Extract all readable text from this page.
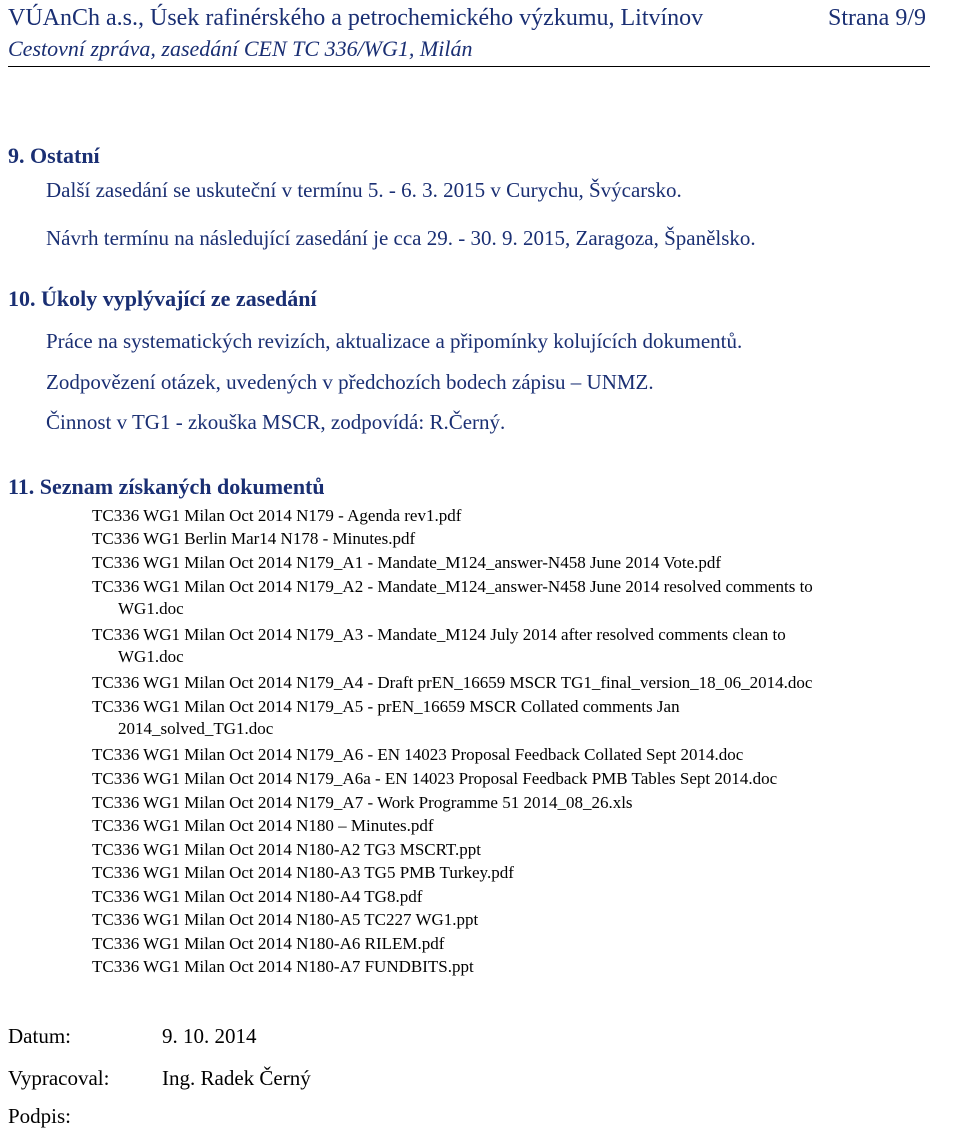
VÚAnCh a.s., Úsek rafinérského a petrochemického výzkumu, Litvínov	Strana 9/9
Cestovní zpráva, zasedání CEN TC 336/WG1, Milán
9. Ostatní
Další zasedání se uskuteční v termínu 5. - 6. 3. 2015 v Curychu, Švýcarsko.
Návrh termínu na následující zasedání je cca 29. - 30. 9. 2015, Zaragoza, Španělsko.
10. Úkoly vyplývající ze zasedání
Práce na systematických revizích, aktualizace a připomínky kolujících dokumentů.
Zodpovězení otázek, uvedených v předchozích bodech zápisu – UNMZ.
Činnost v TG1 - zkouška MSCR, zodpovídá: R.Černý.
11. Seznam získaných dokumentů
TC336 WG1 Milan Oct 2014 N179 - Agenda rev1.pdf
TC336 WG1 Berlin Mar14 N178 - Minutes.pdf
TC336 WG1 Milan Oct 2014 N179_A1 - Mandate_M124_answer-N458 June 2014 Vote.pdf
TC336 WG1 Milan Oct 2014 N179_A2 - Mandate_M124_answer-N458 June 2014 resolved comments to
WG1.doc
TC336 WG1 Milan Oct 2014 N179_A3 - Mandate_M124 July 2014 after resolved comments clean to
WG1.doc
TC336 WG1 Milan Oct 2014 N179_A4 - Draft prEN_16659 MSCR TG1_final_version_18_06_2014.doc
TC336 WG1 Milan Oct 2014 N179_A5 - prEN_16659 MSCR Collated comments Jan
2014_solved_TG1.doc
TC336 WG1 Milan Oct 2014 N179_A6 - EN 14023 Proposal Feedback Collated Sept 2014.doc
TC336 WG1 Milan Oct 2014 N179_A6a - EN 14023 Proposal Feedback PMB Tables Sept 2014.doc
TC336 WG1 Milan Oct 2014 N179_A7 - Work Programme 51 2014_08_26.xls
TC336 WG1 Milan Oct 2014 N180 – Minutes.pdf
TC336 WG1 Milan Oct 2014 N180-A2 TG3 MSCRT.ppt
TC336 WG1 Milan Oct 2014 N180-A3 TG5 PMB Turkey.pdf
TC336 WG1 Milan Oct 2014 N180-A4 TG8.pdf
TC336 WG1 Milan Oct 2014 N180-A5 TC227 WG1.ppt
TC336 WG1 Milan Oct 2014 N180-A6 RILEM.pdf
TC336 WG1 Milan Oct 2014 N180-A7 FUNDBITS.ppt
Datum:	9. 10. 2014
Vypracoval:	Ing. Radek Černý
Podpis:
